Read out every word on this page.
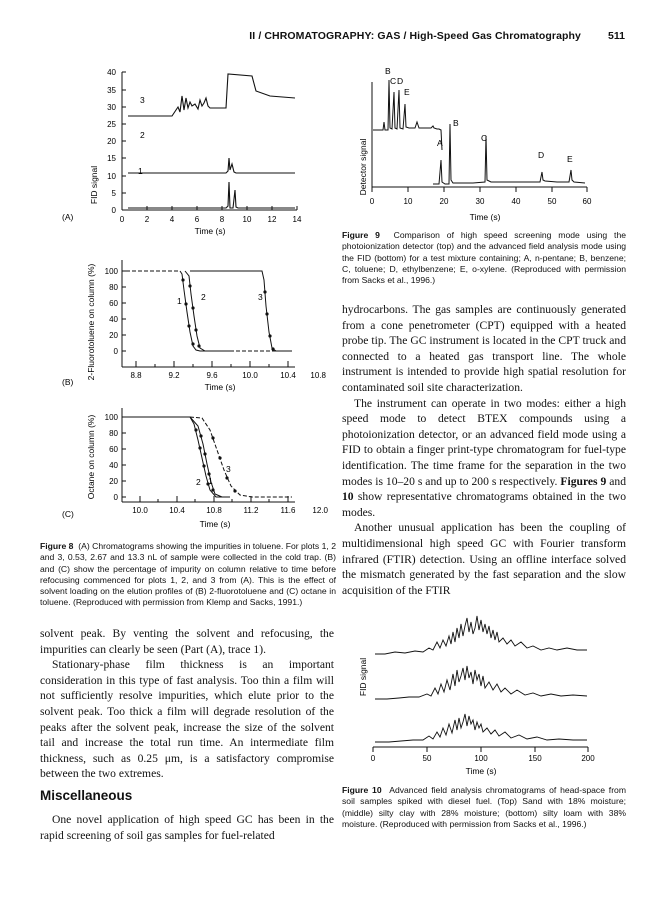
II / CHROMATOGRAPHY: GAS / High-Speed Gas Chromatography	511
(A)
FID signal
0
5
10
15
20
25
30
35
40
0	2	4	6	8 10 12 14
Time (s)
1
2
3
(B)
2-Fluorotoluene on column (%) 0
20
40
60
80
100
8.8	9.2	9.6	10.0	10.4 10.8
Time (s)
1 2	3
(C)
Octane on column (%) 0
20
40
60
80
100
10.0	10.4	10.8	11.2	11.6 12.0
Time (s)
2 1
3
Figure 8 (A) Chromatograms showing the impurities in toluene. For plots 1, 2 and 3, 0.53, 2.67 and 13.3 nL of sample were collected in the cold trap. (B) and (C) show the percentage of impurity on column relative to time before refocusing commenced for plots 1, 2, and 3 from (A). This is the effect of solvent loading on the elution profiles of (B) 2-fluorotoluene and (C) octane in toluene. (Reproduced with permission from Klemp and Sacks, 1991.)
Detector signal
0	10	20	30	40	50	60
Time (s)
B
C D
E
A
B
C
D	E
Figure 9 Comparison of high speed screening mode using the photoionization detector (top) and the advanced field analysis mode using the FID (bottom) for a test mixture containing; A, n-pentane; B, benzene; C, toluene; D, ethylbenzene; E, o-xylene. (Reproduced with permission from Sacks et al., 1996.)

hydrocarbons. The gas samples are continuously generated from a cone penetrometer (CPT) equipped with a heated probe tip. The GC instrument is located in the CPT truck and connected to a heated gas transport line. The whole instrument is intended to provide high spatial resolution for contaminated soil site characterization.

The instrument can operate in two modes: either a high speed mode to detect BTEX compounds using a photoionization detector, or an advanced field mode using a FID to obtain a finger print-type chromatogram for fuel-type identification. The time frame for the separation in the two modes is 10–20 s and up to 200 s respectively. Figures 9 and 10 show representative chromatograms obtained in the two modes.

Another unusual application has been the coupling of multidimensional high speed GC with Fourier transform infrared (FTIR) detection. Using an offline interface solved the mismatch generated by the fast separation and the slow acquisition of the FTIR

FID signal
0	50	100	150	200
Time (s)
Figure 10 Advanced field analysis chromatograms of head-space from soil samples spiked with diesel fuel. (Top) Sand with 18% moisture; (middle) silty clay with 28% moisture; (bottom) silty loam with 38% moisture. (Reproduced with permission from Sacks et al., 1996.)

solvent peak. By venting the solvent and refocusing, the impurities can clearly be seen (Part (A), trace 1).

Stationary-phase film thickness is an important consideration in this type of fast analysis. Too thin a film will not sufficiently resolve impurities, which elute prior to the solvent peak. Too thick a film will degrade resolution of the peaks after the solvent peak, increase the size of the solvent tail and increase the total run time. An intermediate film thickness, such as 0.25 μm, is a satisfactory compromise between the two extremes.

Miscellaneous

One novel application of high speed GC has been in the rapid screening of soil gas samples for fuel-related
